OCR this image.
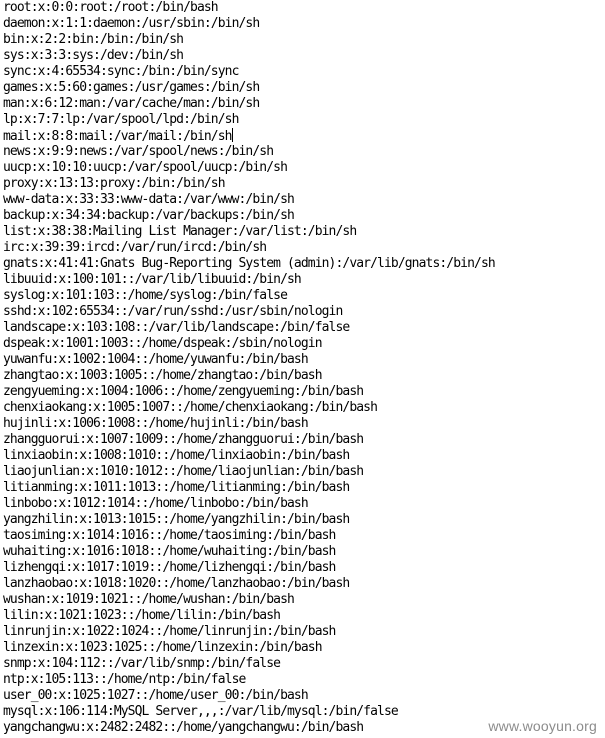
root:x:0:0:root:/root:/bin/bash
daemon:x:1:1:daemon:/usr/sbin:/bin/sh
bin:x:2:2:bin:/bin:/bin/sh
sys:x:3:3:sys:/dev:/bin/sh
sync:x:4:65534:sync:/bin:/bin/sync
games:x:5:60:games:/usr/games:/bin/sh
man:x:6:12:man:/var/cache/man:/bin/sh
lp:x:7:7:lp:/var/spool/lpd:/bin/sh
mail:x:8:8:mail:/var/mail:/bin/sh
news:x:9:9:news:/var/spool/news:/bin/sh
uucp:x:10:10:uucp:/var/spool/uucp:/bin/sh
proxy:x:13:13:proxy:/bin:/bin/sh
www-data:x:33:33:www-data:/var/www:/bin/sh
backup:x:34:34:backup:/var/backups:/bin/sh
list:x:38:38:Mailing List Manager:/var/list:/bin/sh
irc:x:39:39:ircd:/var/run/ircd:/bin/sh
gnats:x:41:41:Gnats Bug-Reporting System (admin):/var/lib/gnats:/bin/sh
libuuid:x:100:101::/var/lib/libuuid:/bin/sh
syslog:x:101:103::/home/syslog:/bin/false
sshd:x:102:65534::/var/run/sshd:/usr/sbin/nologin
landscape:x:103:108::/var/lib/landscape:/bin/false
dspeak:x:1001:1003::/home/dspeak:/sbin/nologin
yuwanfu:x:1002:1004::/home/yuwanfu:/bin/bash
zhangtao:x:1003:1005::/home/zhangtao:/bin/bash
zengyueming:x:1004:1006::/home/zengyueming:/bin/bash
chenxiaokang:x:1005:1007::/home/chenxiaokang:/bin/bash
hujinli:x:1006:1008::/home/hujinli:/bin/bash
zhangguorui:x:1007:1009::/home/zhangguorui:/bin/bash
linxiaobin:x:1008:1010::/home/linxiaobin:/bin/bash
liaojunlian:x:1010:1012::/home/liaojunlian:/bin/bash
litianming:x:1011:1013::/home/litianming:/bin/bash
linbobo:x:1012:1014::/home/linbobo:/bin/bash
yangzhilin:x:1013:1015::/home/yangzhilin:/bin/bash
taosiming:x:1014:1016::/home/taosiming:/bin/bash
wuhaiting:x:1016:1018::/home/wuhaiting:/bin/bash
lizhengqi:x:1017:1019::/home/lizhengqi:/bin/bash
lanzhaobao:x:1018:1020::/home/lanzhaobao:/bin/bash
wushan:x:1019:1021::/home/wushan:/bin/bash
lilin:x:1021:1023::/home/lilin:/bin/bash
linrunjin:x:1022:1024::/home/linrunjin:/bin/bash
linzexin:x:1023:1025::/home/linzexin:/bin/bash
snmp:x:104:112::/var/lib/snmp:/bin/false
ntp:x:105:113::/home/ntp:/bin/false
user_00:x:1025:1027::/home/user_00:/bin/bash
mysql:x:106:114:MySQL Server,,,:/var/lib/mysql:/bin/false
yangchangwu:x:2482:2482::/home/yangchangwu:/bin/bash	www.wooyun.org
